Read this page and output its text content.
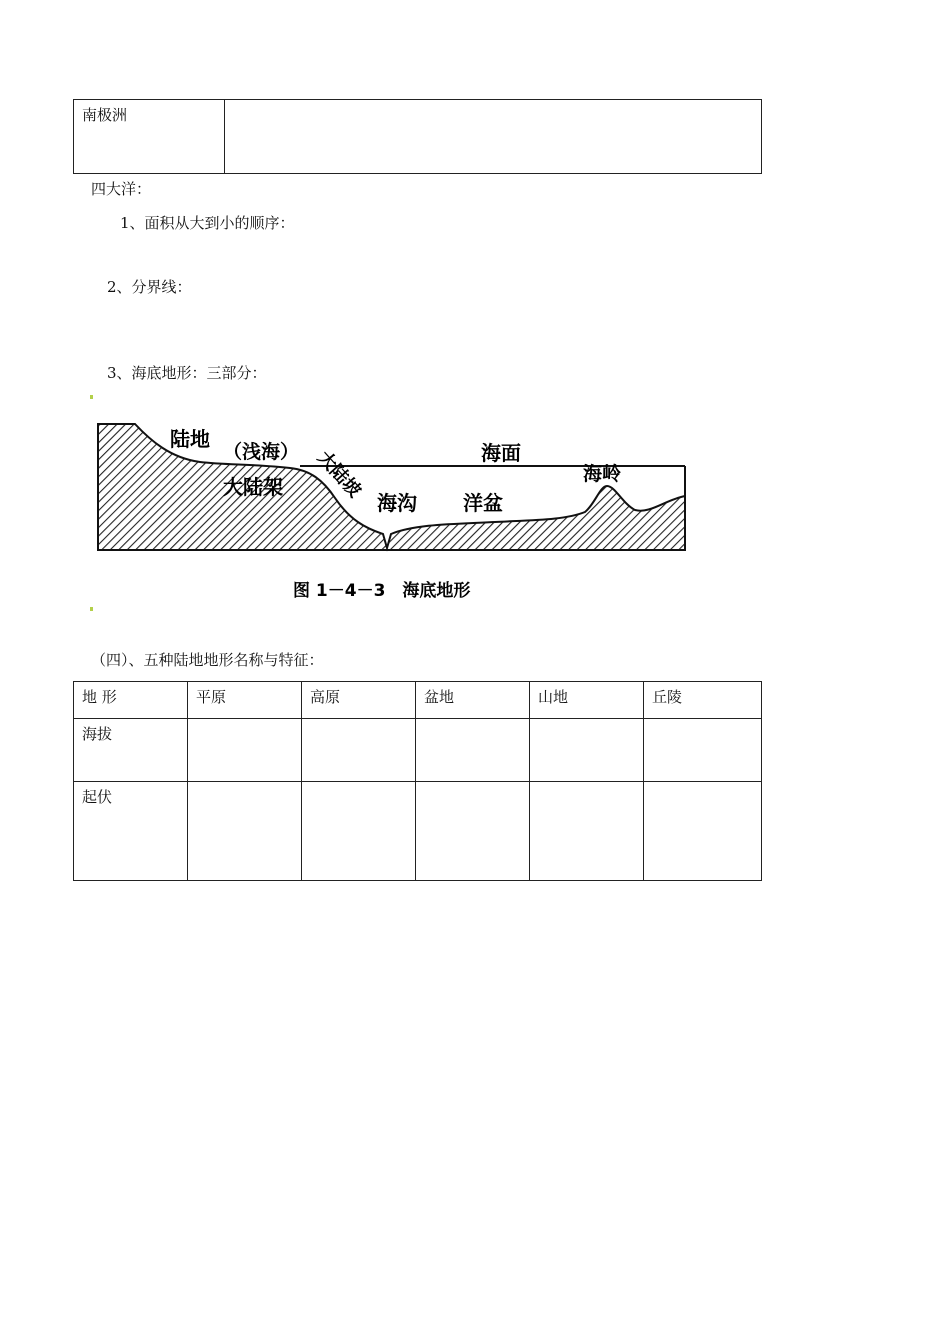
南极洲	
四大洋：
1、面积从大到小的顺序：
2、分界线：
3、海底地形：三部分：
陆地
（浅海）
大陆架 大陆坡	海面
海沟 洋盆
海岭
图 1－4－3　海底地形
（四）、五种陆地地形名称与特征：
地 形	平原	高原	盆地	山地	丘陵
海拔					
起伏					
